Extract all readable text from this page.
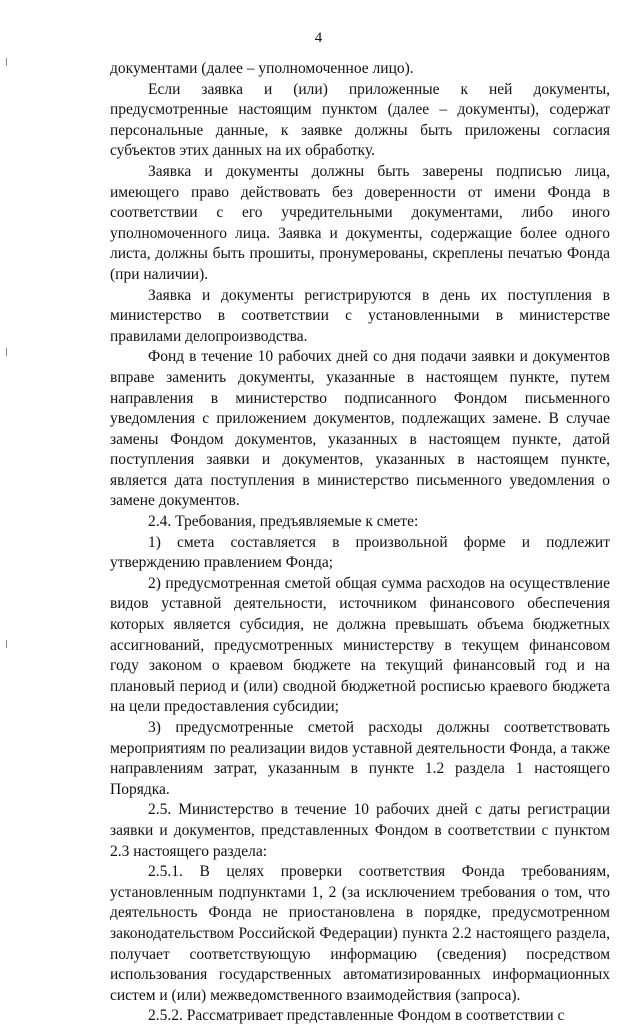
4

документами (далее – уполномоченное лицо).

Если заявка и (или) приложенные к ней документы, предусмотренные настоящим пунктом (далее – документы), содержат персональные данные, к заявке должны быть приложены согласия субъектов этих данных на их обработку.

Заявка и документы должны быть заверены подписью лица, имеющего право действовать без доверенности от имени Фонда в соответствии с его учредительными документами, либо иного уполномоченного лица. Заявка и документы, содержащие более одного листа, должны быть прошиты, пронумерованы, скреплены печатью Фонда (при наличии).

Заявка и документы регистрируются в день их поступления в министерство в соответствии с установленными в министерстве правилами делопроизводства.

Фонд в течение 10 рабочих дней со дня подачи заявки и документов вправе заменить документы, указанные в настоящем пункте, путем направления в министерство подписанного Фондом письменного уведомления с приложением документов, подлежащих замене. В случае замены Фондом документов, указанных в настоящем пункте, датой поступления заявки и документов, указанных в настоящем пункте, является дата поступления в министерство письменного уведомления о замене документов.

2.4. Требования, предъявляемые к смете:

1) смета составляется в произвольной форме и подлежит утверждению правлением Фонда;

2) предусмотренная сметой общая сумма расходов на осуществление видов уставной деятельности, источником финансового обеспечения которых является субсидия, не должна превышать объема бюджетных ассигнований, предусмотренных министерству в текущем финансовом году законом о краевом бюджете на текущий финансовый год и на плановый период и (или) сводной бюджетной росписью краевого бюджета на цели предоставления субсидии;

3) предусмотренные сметой расходы должны соответствовать мероприятиям по реализации видов уставной деятельности Фонда, а также направлениям затрат, указанным в пункте 1.2 раздела 1 настоящего Порядка.

2.5. Министерство в течение 10 рабочих дней с даты регистрации заявки и документов, представленных Фондом в соответствии с пунктом 2.3 настоящего раздела:

2.5.1. В целях проверки соответствия Фонда требованиям, установленным подпунктами 1, 2 (за исключением требования о том, что деятельность Фонда не приостановлена в порядке, предусмотренном законодательством Российской Федерации) пункта 2.2 настоящего раздела, получает соответствующую информацию (сведения) посредством использования государственных автоматизированных информационных систем и (или) межведомственного взаимодействия (запроса).

2.5.2. Рассматривает представленные Фондом в соответствии с
